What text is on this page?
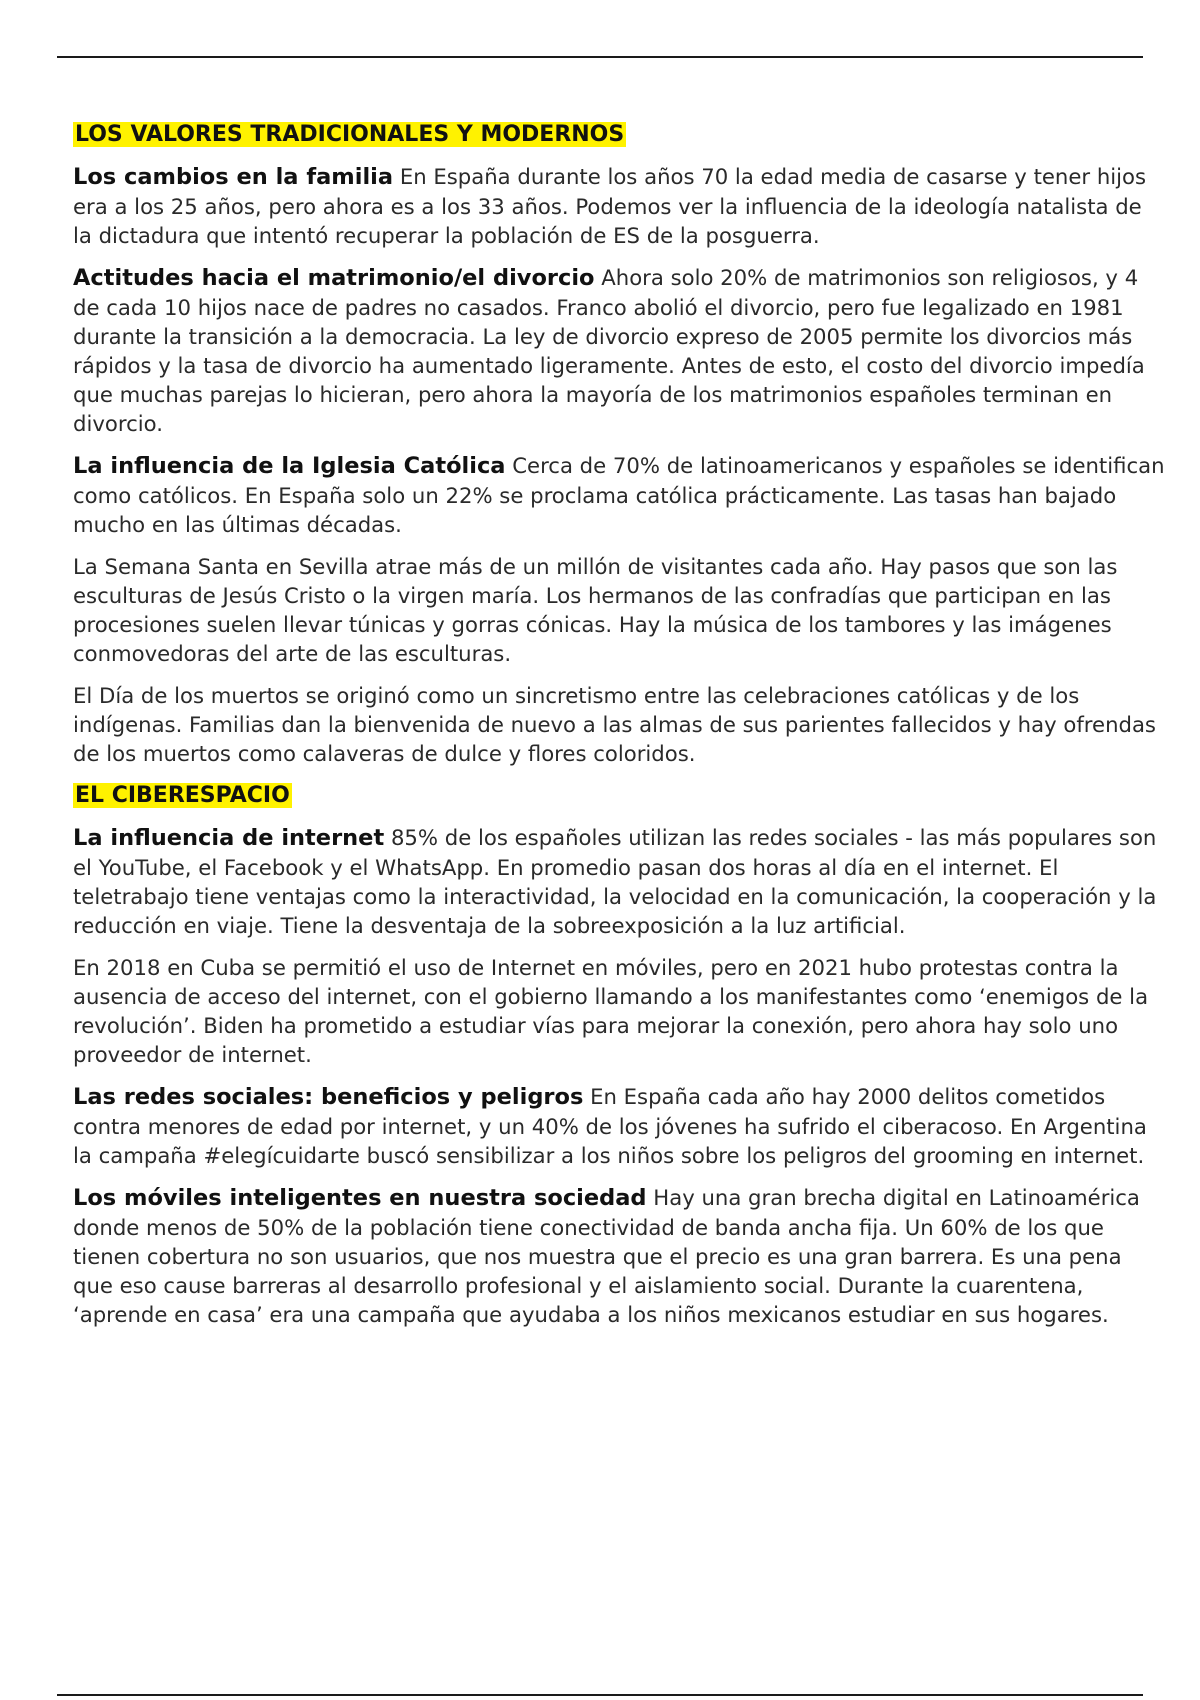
LOS VALORES TRADICIONALES Y MODERNOS

Los cambios en la familia En España durante los años 70 la edad media de casarse y tener hijos era a los 25 años, pero ahora es a los 33 años. Podemos ver la influencia de la ideología natalista de la dictadura que intentó recuperar la población de ES de la posguerra.

Actitudes hacia el matrimonio/el divorcio Ahora solo 20% de matrimonios son religiosos, y 4 de cada 10 hijos nace de padres no casados. Franco abolió el divorcio, pero fue legalizado en 1981 durante la transición a la democracia. La ley de divorcio expreso de 2005 permite los divorcios más rápidos y la tasa de divorcio ha aumentado ligeramente. Antes de esto, el costo del divorcio impedía que muchas parejas lo hicieran, pero ahora la mayoría de los matrimonios españoles terminan en divorcio.

La influencia de la Iglesia Católica Cerca de 70% de latinoamericanos y españoles se identifican como católicos. En España solo un 22% se proclama católica prácticamente. Las tasas han bajado mucho en las últimas décadas.

La Semana Santa en Sevilla atrae más de un millón de visitantes cada año. Hay pasos que son las esculturas de Jesús Cristo o la virgen maría. Los hermanos de las confradías que participan en las procesiones suelen llevar túnicas y gorras cónicas. Hay la música de los tambores y las imágenes conmovedoras del arte de las esculturas.

El Día de los muertos se originó como un sincretismo entre las celebraciones católicas y de los indígenas. Familias dan la bienvenida de nuevo a las almas de sus parientes fallecidos y hay ofrendas de los muertos como calaveras de dulce y flores coloridos.

EL CIBERESPACIO

La influencia de internet 85% de los españoles utilizan las redes sociales - las más populares son el YouTube, el Facebook y el WhatsApp. En promedio pasan dos horas al día en el internet. El teletrabajo tiene ventajas como la interactividad, la velocidad en la comunicación, la cooperación y la reducción en viaje. Tiene la desventaja de la sobreexposición a la luz artificial.

En 2018 en Cuba se permitió el uso de Internet en móviles, pero en 2021 hubo protestas contra la ausencia de acceso del internet, con el gobierno llamando a los manifestantes como ‘enemigos de la revolución’. Biden ha prometido a estudiar vías para mejorar la conexión, pero ahora hay solo uno proveedor de internet.

Las redes sociales: beneficios y peligros En España cada año hay 2000 delitos cometidos contra menores de edad por internet, y un 40% de los jóvenes ha sufrido el ciberacoso. En Argentina la campaña #elegícuidarte buscó sensibilizar a los niños sobre los peligros del grooming en internet.

Los móviles inteligentes en nuestra sociedad Hay una gran brecha digital en Latinoamérica donde menos de 50% de la población tiene conectividad de banda ancha fija. Un 60% de los que tienen cobertura no son usuarios, que nos muestra que el precio es una gran barrera. Es una pena que eso cause barreras al desarrollo profesional y el aislamiento social. Durante la cuarentena, ‘aprende en casa’ era una campaña que ayudaba a los niños mexicanos estudiar en sus hogares.
